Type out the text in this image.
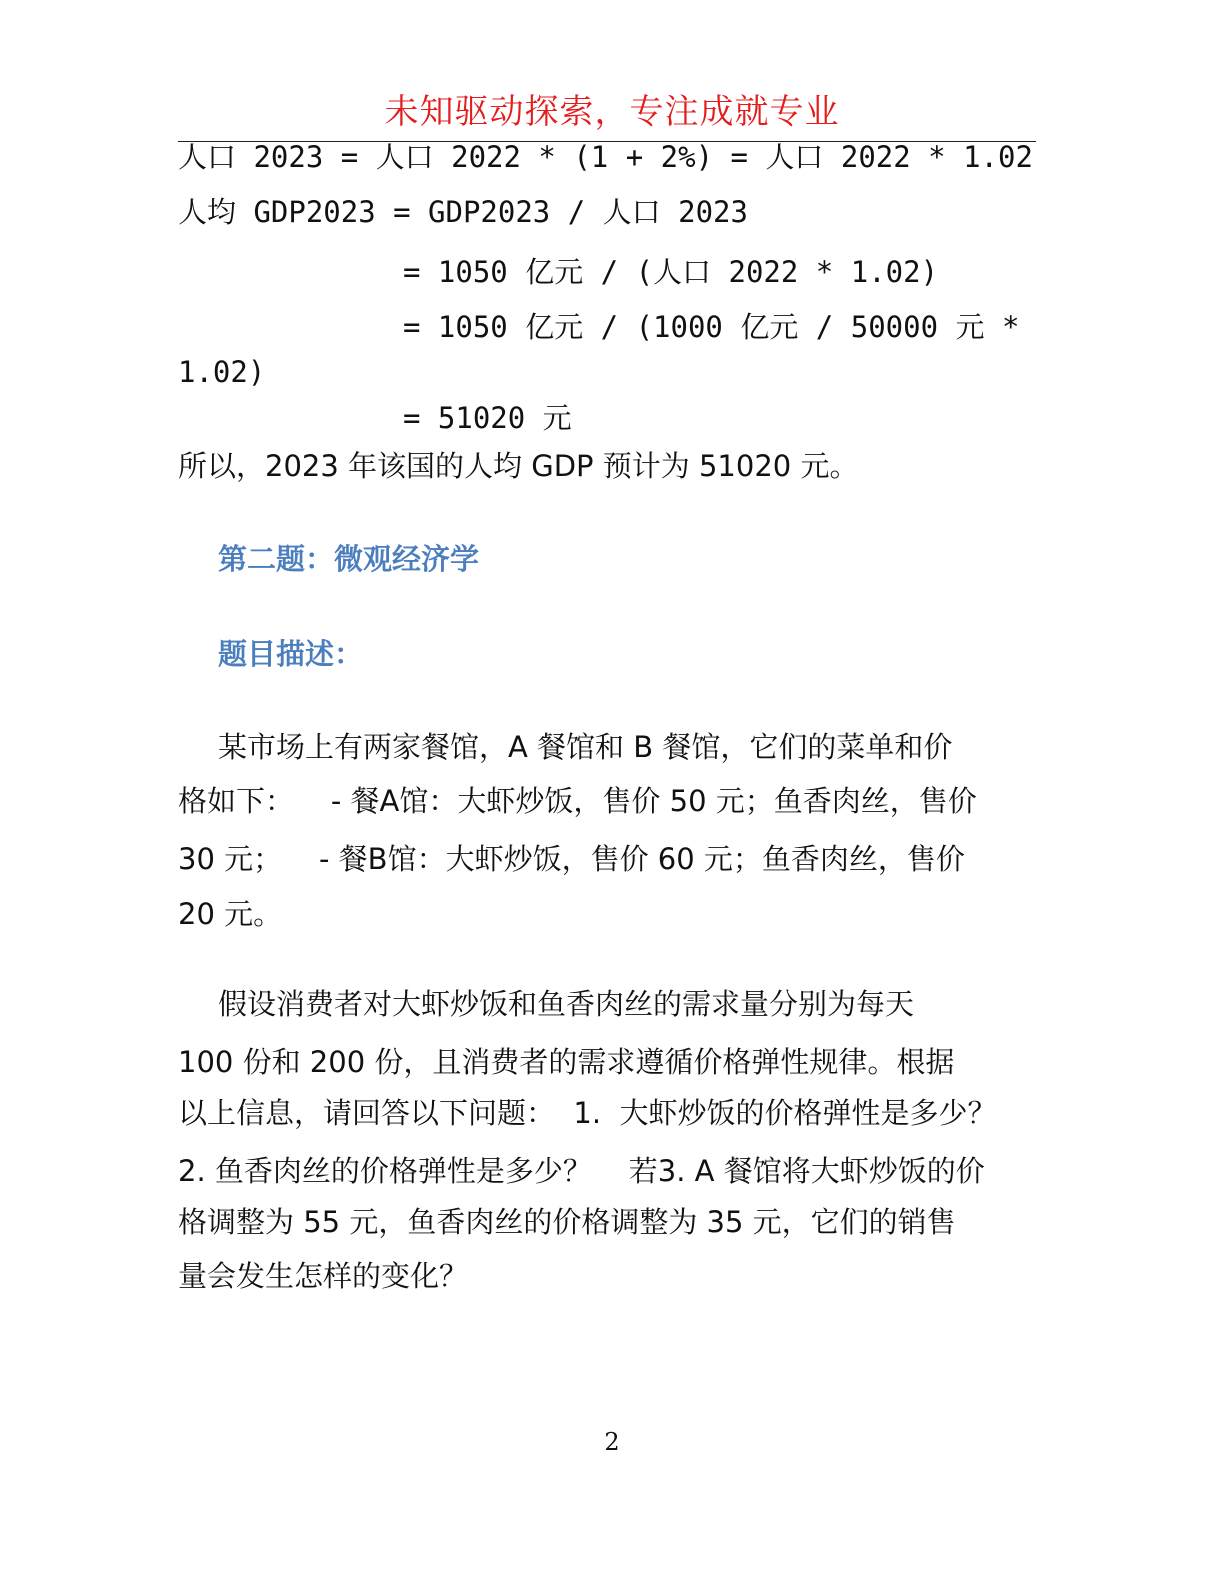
未知驱动探索，专注成就专业
人口 2023 = 人口 2022 * (1 + 2%) = 人口 2022 * 1.02
人均 GDP2023 = GDP2023 / 人口 2023
= 1050 亿元 / (人口 2022 * 1.02)
= 1050 亿元 / (1000 亿元 / 50000 元 *
1.02)
= 51020 元
所以，2023 年该国的人均 GDP 预计为 51020 元。
第二题：微观经济学
题目描述：
某市场上有两家餐馆，A 餐馆和 B 餐馆，它们的菜单和价
格如下：    - 餐A馆：大虾炒饭，售价 50 元；鱼香肉丝，售价
30 元；    - 餐B馆：大虾炒饭，售价 60 元；鱼香肉丝，售价
20 元。
假设消费者对大虾炒饭和鱼香肉丝的需求量分别为每天
100 份和 200 份，且消费者的需求遵循价格弹性规律。根据
以上信息，请回答以下问题：  1.  大虾炒饭的价格弹性是多少？
2. 鱼香肉丝的价格弹性是多少？    若3. A 餐馆将大虾炒饭的价
格调整为 55 元，鱼香肉丝的价格调整为 35 元，它们的销售
量会发生怎样的变化？
2
